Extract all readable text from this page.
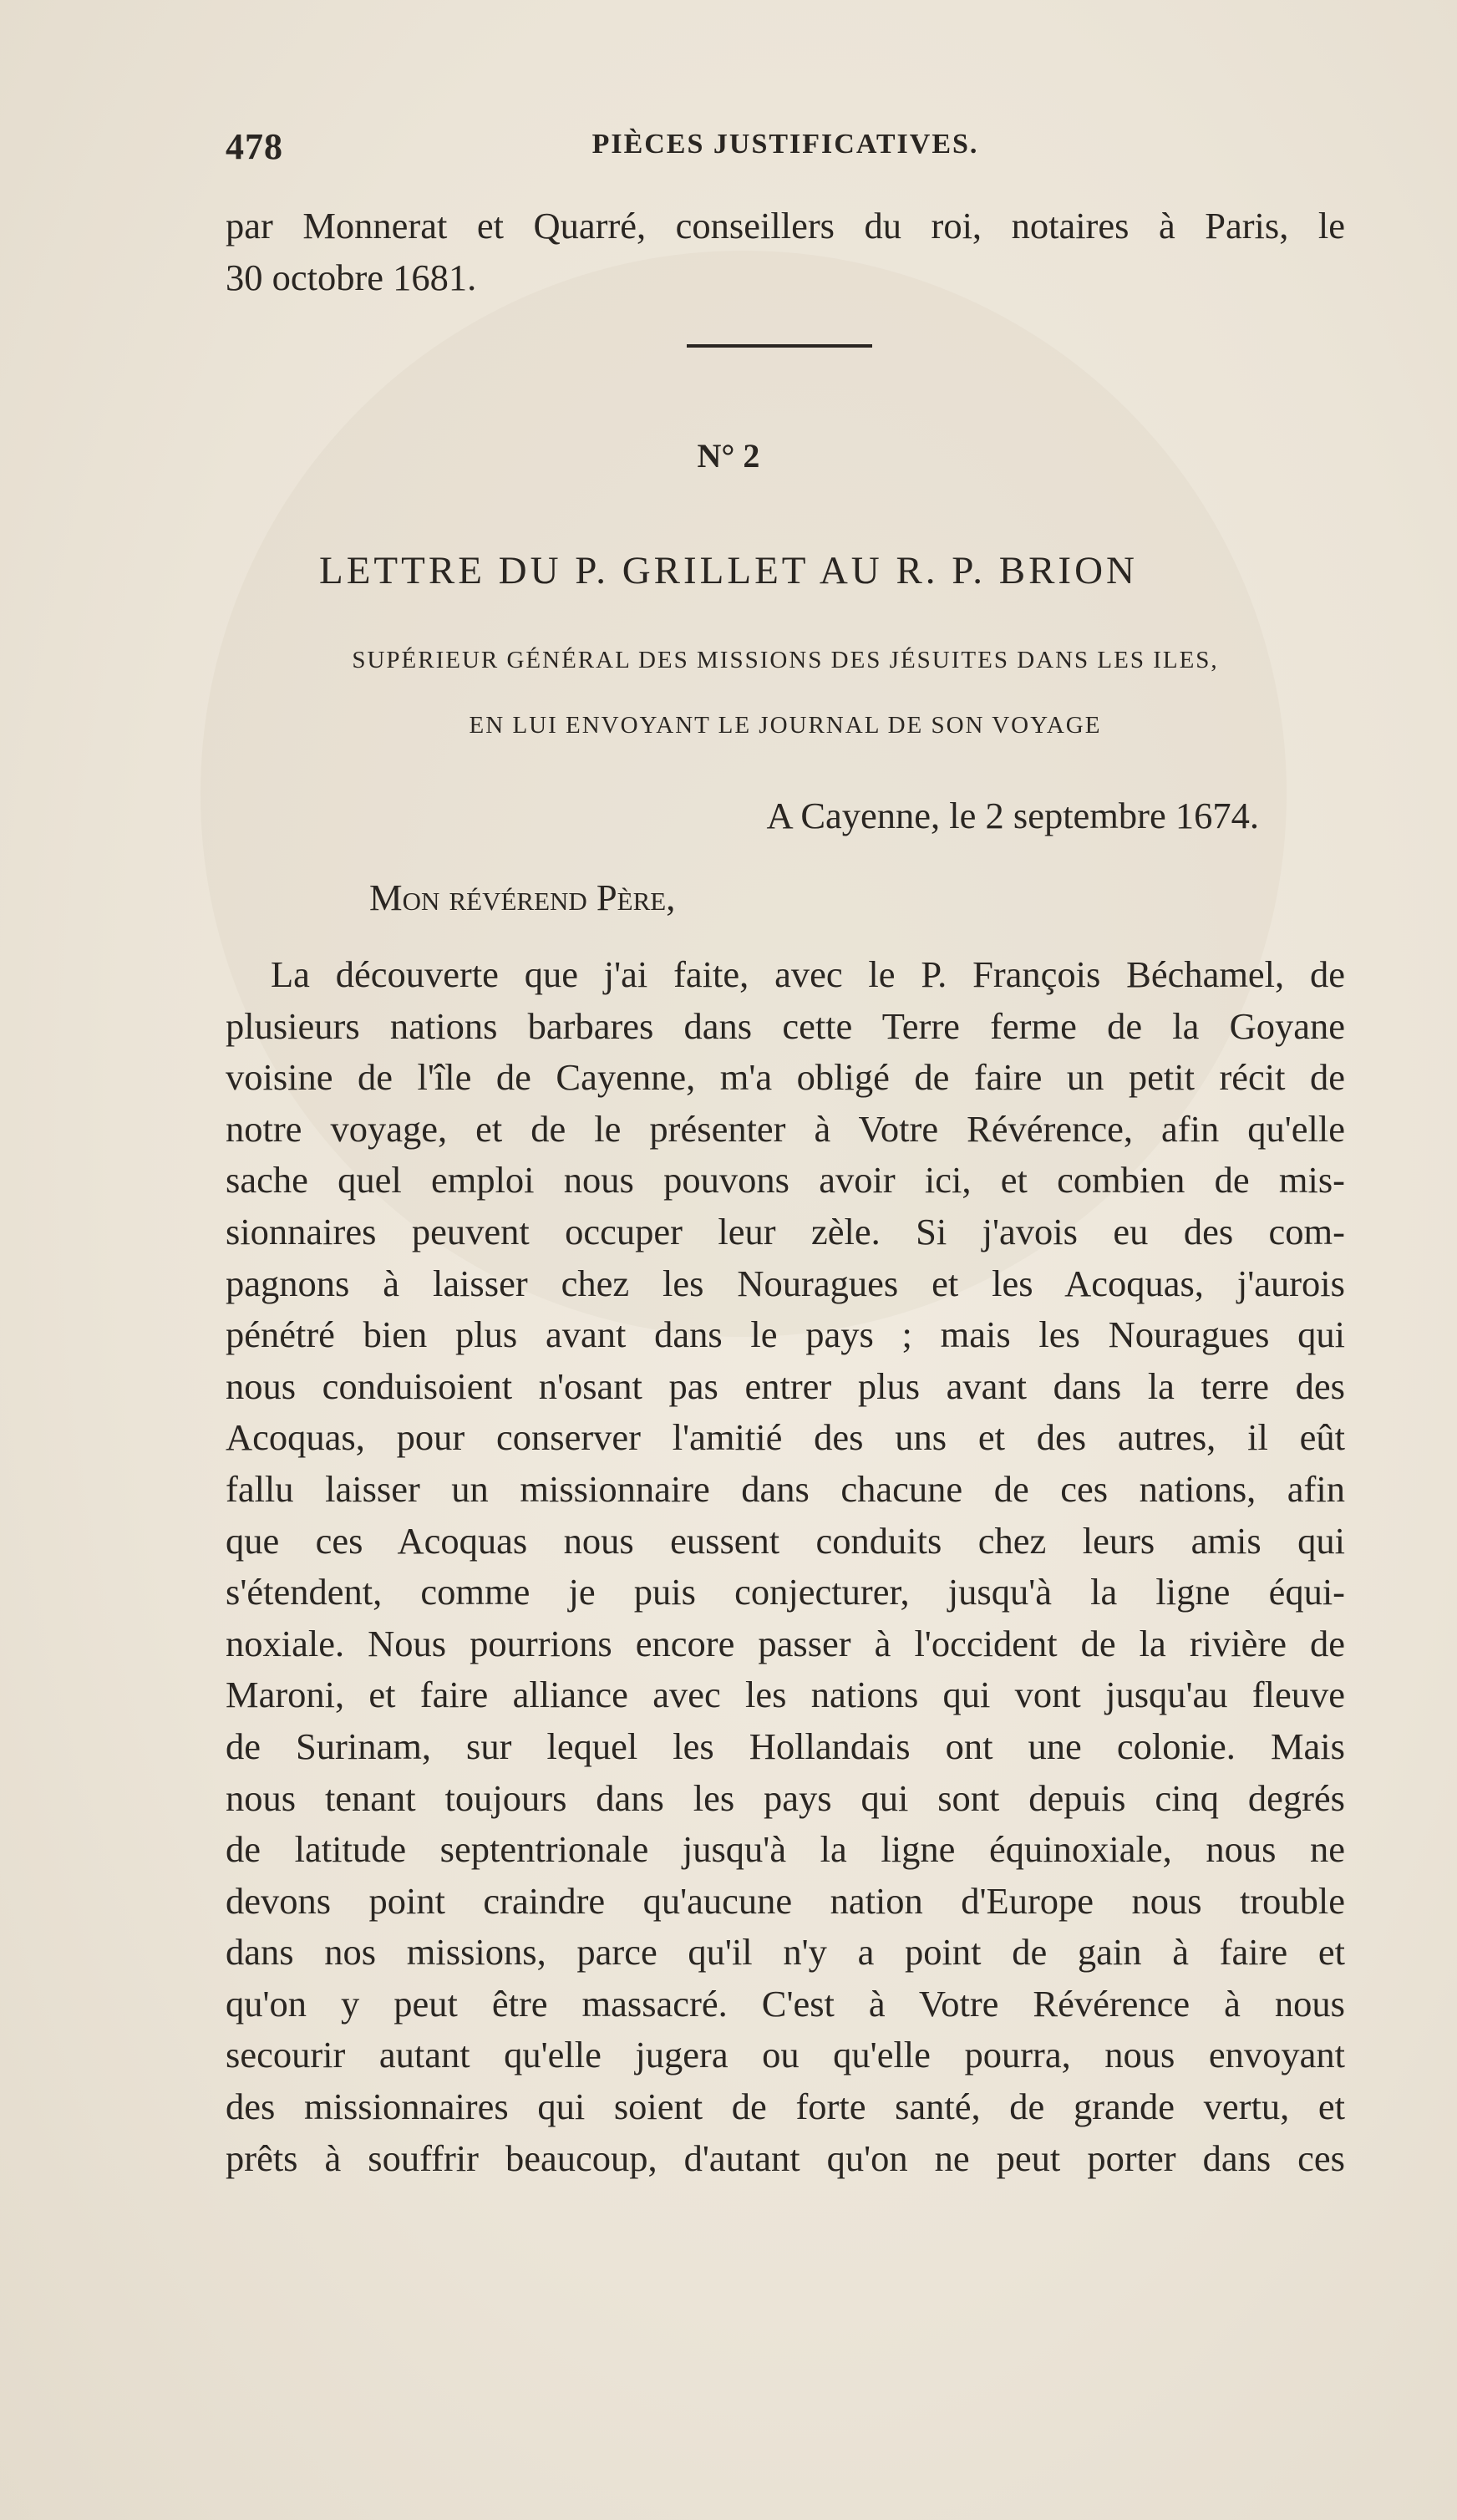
478	PIÈCES JUSTIFICATIVES.
par Monnerat et Quarré, conseillers du roi, notaires à Paris, le
30 octobre 1681.
N° 2
LETTRE DU P. GRILLET AU R. P. BRION
SUPÉRIEUR GÉNÉRAL DES MISSIONS DES JÉSUITES DANS LES ILES,
EN LUI ENVOYANT LE JOURNAL DE SON VOYAGE
A Cayenne, le 2 septembre 1674.
Mon révérend Père,
La découverte que j'ai faite, avec le P. François Béchamel, de
plusieurs nations barbares dans cette Terre ferme de la Goyane
voisine de l'île de Cayenne, m'a obligé de faire un petit récit de
notre voyage, et de le présenter à Votre Révérence, afin qu'elle
sache quel emploi nous pouvons avoir ici, et combien de mis-
sionnaires peuvent occuper leur zèle. Si j'avois eu des com-
pagnons à laisser chez les Nouragues et les Acoquas, j'aurois
pénétré bien plus avant dans le pays ; mais les Nouragues qui
nous conduisoient n'osant pas entrer plus avant dans la terre des
Acoquas, pour conserver l'amitié des uns et des autres, il eût
fallu laisser un missionnaire dans chacune de ces nations, afin
que ces Acoquas nous eussent conduits chez leurs amis qui
s'étendent, comme je puis conjecturer, jusqu'à la ligne équi-
noxiale. Nous pourrions encore passer à l'occident de la rivière de
Maroni, et faire alliance avec les nations qui vont jusqu'au fleuve
de Surinam, sur lequel les Hollandais ont une colonie. Mais
nous tenant toujours dans les pays qui sont depuis cinq degrés
de latitude septentrionale jusqu'à la ligne équinoxiale, nous ne
devons point craindre qu'aucune nation d'Europe nous trouble
dans nos missions, parce qu'il n'y a point de gain à faire et
qu'on y peut être massacré. C'est à Votre Révérence à nous
secourir autant qu'elle jugera ou qu'elle pourra, nous envoyant
des missionnaires qui soient de forte santé, de grande vertu, et
prêts à souffrir beaucoup, d'autant qu'on ne peut porter dans ces
